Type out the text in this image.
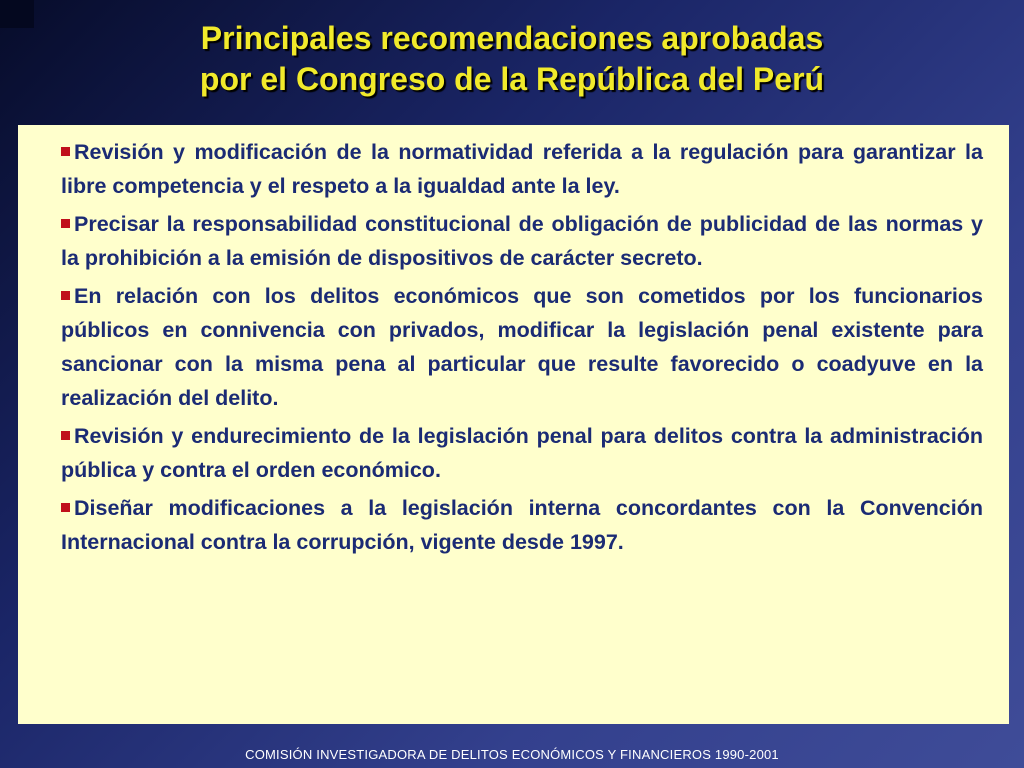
Principales recomendaciones aprobadas
por el Congreso de la República del Perú
Revisión y modificación de la normatividad referida a la regulación para garantizar la libre competencia y el respeto a la igualdad ante la ley.
Precisar la responsabilidad constitucional de obligación de publicidad de las normas y la prohibición a la emisión de dispositivos de carácter secreto.
En relación con los delitos económicos que son cometidos por los funcionarios públicos en connivencia con privados, modificar la legislación penal existente para sancionar con la misma pena al particular que resulte favorecido o coadyuve en la realización del delito.
Revisión y endurecimiento de la legislación penal para delitos contra la administración pública y contra el orden económico.
Diseñar modificaciones a la legislación interna concordantes con la Convención Internacional contra la corrupción, vigente desde 1997.
COMISIÓN INVESTIGADORA DE DELITOS ECONÓMICOS Y FINANCIEROS 1990-2001
